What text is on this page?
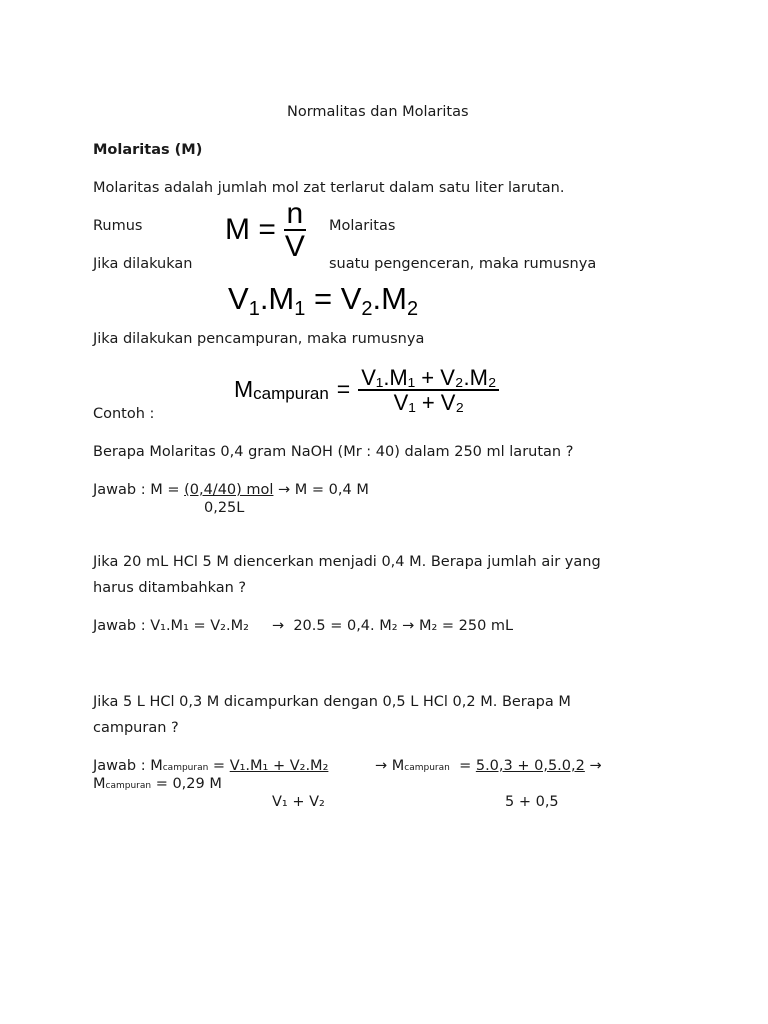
Normalitas dan Molaritas
Molaritas (M)
Molaritas adalah jumlah mol zat terlarut dalam satu liter larutan.
Rumus	$M = \frac{n}{V}$ Molaritas
Jika dilakukan	suatu pengenceran, maka rumusnya
V1.M1 = V2.M2
Jika dilakukan pencampuran, maka rumusnya
M campuran = $\frac{\text{V₁.M₁ + V₂.M₂}}{\text{V₁ + V₂}}$
Contoh :
Berapa Molaritas 0,4 gram NaOH (Mr : 40) dalam 250 ml larutan ?
Jawab : M = (0,4/40) mol → M = 0,4 M
0,25L
Jika 20 mL HCl 5 M diencerkan menjadi 0,4 M. Berapa jumlah air yang
harus ditambahkan ?
Jawab : V₁.M₁ = V₂.M₂     →  20.5 = 0,4. M₂ → M₂ = 250 mL
Jika 5 L HCl 0,3 M dicampurkan dengan 0,5 L HCl 0,2 M. Berapa M
campuran ?
Jawab : Mcampuran = V₁.M₁ + V₂.M₂	→ Mcampuran  = 5.0,3 + 0,5.0,2 →
Mcampuran = 0,29 M
V₁ + V₂	5 + 0,5
